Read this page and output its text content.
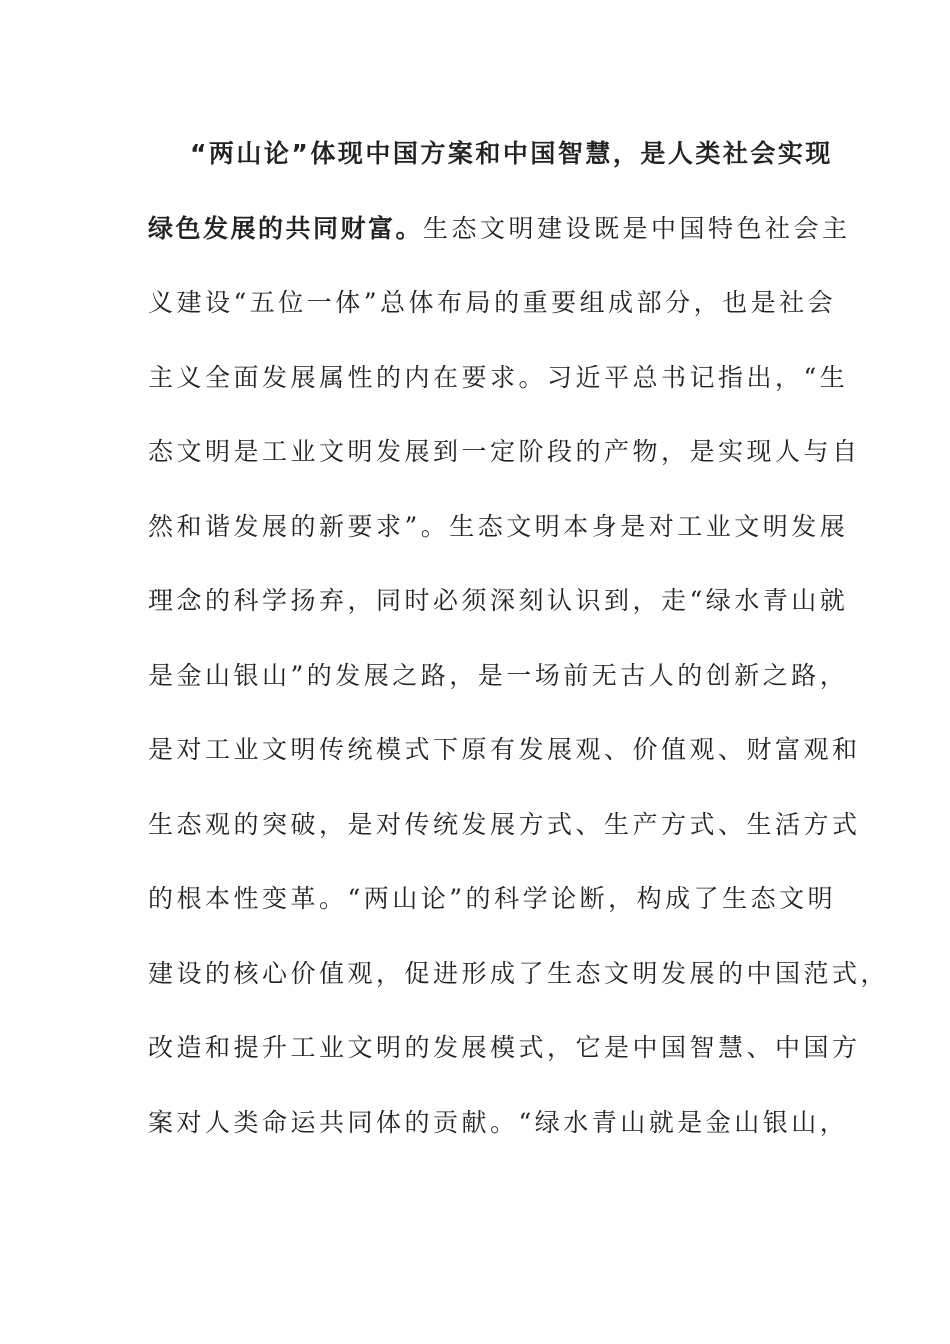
“两山论”体现中国方案和中国智慧，是人类社会实现
绿色发展的共同财富。生态文明建设既是中国特色社会主
义建设“五位一体”总体布局的重要组成部分，也是社会
主义全面发展属性的内在要求。习近平总书记指出，“生
态文明是工业文明发展到一定阶段的产物，是实现人与自
然和谐发展的新要求”。生态文明本身是对工业文明发展
理念的科学扬弃，同时必须深刻认识到，走“绿水青山就
是金山银山”的发展之路，是一场前无古人的创新之路，
是对工业文明传统模式下原有发展观、价值观、财富观和
生态观的突破，是对传统发展方式、生产方式、生活方式
的根本性变革。“两山论”的科学论断，构成了生态文明
建设的核心价值观，促进形成了生态文明发展的中国范式，
改造和提升工业文明的发展模式，它是中国智慧、中国方
案对人类命运共同体的贡献。“绿水青山就是金山银山，
